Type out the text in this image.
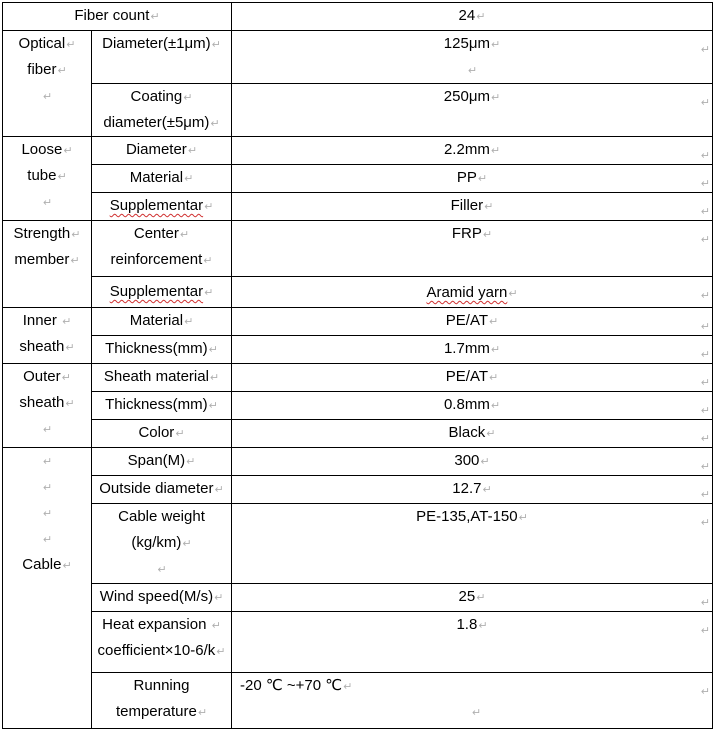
Fiber count↵		24↵

Optical↵
fiber↵
↵	Diameter(±1μm)↵	125μm↵
↵
↵

	Coating↵
diameter(±5μm)↵	250μm↵ ↵

Loose↵
tube↵
↵	Diameter↵	2.2mm↵ ↵

	Material↵	PP↵ ↵

	Supplementar↵	Filler↵ ↵

Strength↵
member↵	Center↵
reinforcement↵	FRP↵ ↵

	Supplementar↵	Aramid yarn↵ ↵

Inner ↵
sheath↵	Material↵	PE/AT↵ ↵

	Thickness(mm)↵	1.7mm↵ ↵

Outer↵
sheath↵
↵	Sheath material↵	PE/AT↵ ↵

	Thickness(mm)↵	0.8mm↵ ↵

	Color↵	Black↵ ↵

↵
↵
↵
↵
Cable↵	Span(M)↵	300↵ ↵

	Outside diameter↵	12.7↵ ↵

	Cable weight
(kg/km)↵
↵	PE-135,AT-150↵ ↵

	Wind speed(M/s)↵	25↵ ↵

	Heat expansion ↵
coefficient×10-6/k↵	1.8↵ ↵

	Running
temperature↵	-20 ℃ ~+70 ℃↵
↵
↵
